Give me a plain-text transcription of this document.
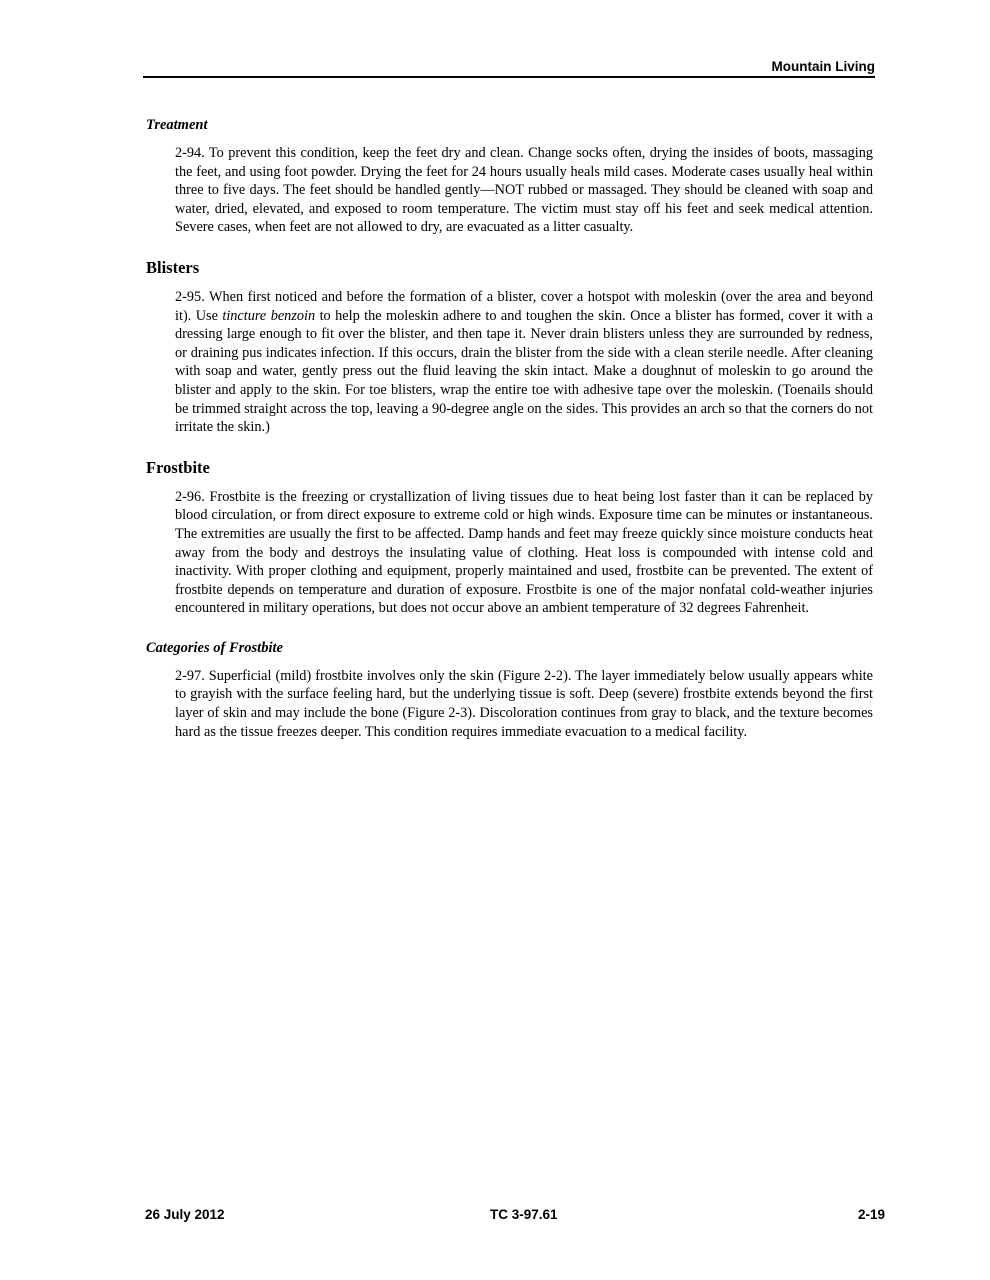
Mountain Living
Treatment

2-94. To prevent this condition, keep the feet dry and clean. Change socks often, drying the insides of boots, massaging the feet, and using foot powder. Drying the feet for 24 hours usually heals mild cases. Moderate cases usually heal within three to five days. The feet should be handled gently—NOT rubbed or massaged. They should be cleaned with soap and water, dried, elevated, and exposed to room temperature. The victim must stay off his feet and seek medical attention. Severe cases, when feet are not allowed to dry, are evacuated as a litter casualty.

Blisters

2-95. When first noticed and before the formation of a blister, cover a hotspot with moleskin (over the area and beyond it). Use tincture benzoin to help the moleskin adhere to and toughen the skin. Once a blister has formed, cover it with a dressing large enough to fit over the blister, and then tape it. Never drain blisters unless they are surrounded by redness, or draining pus indicates infection. If this occurs, drain the blister from the side with a clean sterile needle. After cleaning with soap and water, gently press out the fluid leaving the skin intact. Make a doughnut of moleskin to go around the blister and apply to the skin. For toe blisters, wrap the entire toe with adhesive tape over the moleskin. (Toenails should be trimmed straight across the top, leaving a 90-degree angle on the sides. This provides an arch so that the corners do not irritate the skin.)

Frostbite

2-96. Frostbite is the freezing or crystallization of living tissues due to heat being lost faster than it can be replaced by blood circulation, or from direct exposure to extreme cold or high winds. Exposure time can be minutes or instantaneous. The extremities are usually the first to be affected. Damp hands and feet may freeze quickly since moisture conducts heat away from the body and destroys the insulating value of clothing. Heat loss is compounded with intense cold and inactivity. With proper clothing and equipment, properly maintained and used, frostbite can be prevented. The extent of frostbite depends on temperature and duration of exposure. Frostbite is one of the major nonfatal cold-weather injuries encountered in military operations, but does not occur above an ambient temperature of 32 degrees Fahrenheit.

Categories of Frostbite

2-97. Superficial (mild) frostbite involves only the skin (Figure 2-2). The layer immediately below usually appears white to grayish with the surface feeling hard, but the underlying tissue is soft. Deep (severe) frostbite extends beyond the first layer of skin and may include the bone (Figure 2-3). Discoloration continues from gray to black, and the texture becomes hard as the tissue freezes deeper. This condition requires immediate evacuation to a medical facility.

26 July 2012	TC 3-97.61	2-19
